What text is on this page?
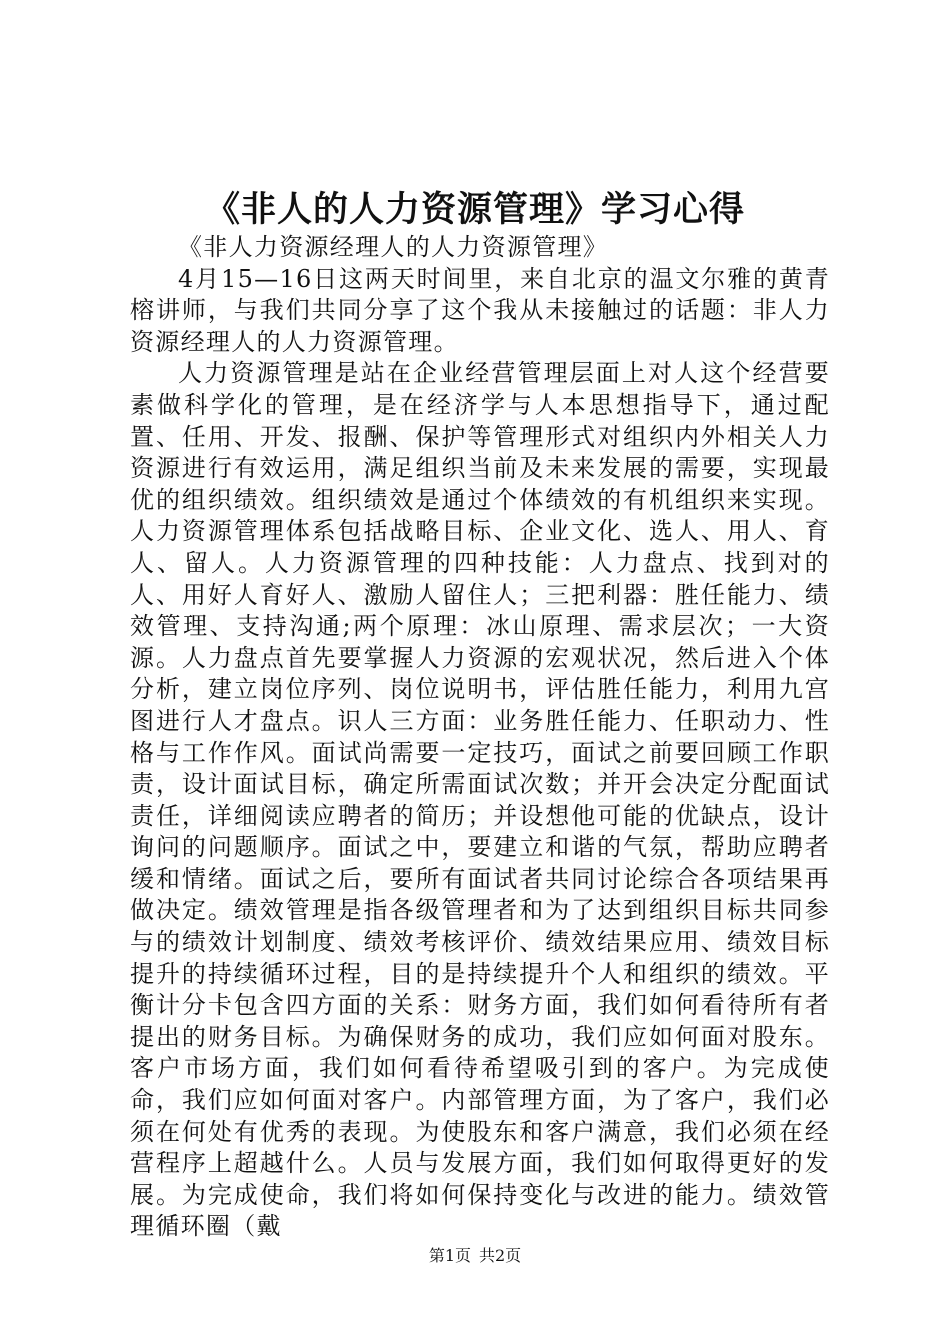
《非人的人力资源管理》学习心得

《非人力资源经理人的人力资源管理》

4月15—16日这两天时间里，来自北京的温文尔雅的黄青榕讲师，与我们共同分享了这个我从未接触过的话题：非人力资源经理人的人力资源管理。

人力资源管理是站在企业经营管理层面上对人这个经营要素做科学化的管理，是在经济学与人本思想指导下，通过配置、任用、开发、报酬、保护等管理形式对组织内外相关人力资源进行有效运用，满足组织当前及未来发展的需要，实现最优的组织绩效。组织绩效是通过个体绩效的有机组织来实现。人力资源管理体系包括战略目标、企业文化、选人、用人、育人、留人。人力资源管理的四种技能：人力盘点、找到对的人、用好人育好人、激励人留住人；三把利器：胜任能力、绩效管理、支持沟通;两个原理：冰山原理、需求层次；一大资源。人力盘点首先要掌握人力资源的宏观状况，然后进入个体分析，建立岗位序列、岗位说明书，评估胜任能力，利用九宫图进行人才盘点。识人三方面：业务胜任能力、任职动力、性格与工作作风。面试尚需要一定技巧，面试之前要回顾工作职责，设计面试目标，确定所需面试次数；并开会决定分配面试责任，详细阅读应聘者的简历；并设想他可能的优缺点，设计询问的问题顺序。面试之中，要建立和谐的气氛，帮助应聘者缓和情绪。面试之后，要所有面试者共同讨论综合各项结果再做决定。绩效管理是指各级管理者和为了达到组织目标共同参与的绩效计划制度、绩效考核评价、绩效结果应用、绩效目标提升的持续循环过程，目的是持续提升个人和组织的绩效。平衡计分卡包含四方面的关系：财务方面，我们如何看待所有者提出的财务目标。为确保财务的成功，我们应如何面对股东。客户市场方面，我们如何看待希望吸引到的客户。为完成使命，我们应如何面对客户。内部管理方面，为了客户，我们必须在何处有优秀的表现。为使股东和客户满意，我们必须在经营程序上超越什么。人员与发展方面，我们如何取得更好的发展。为完成使命，我们将如何保持变化与改进的能力。绩效管理循环圈（戴

第1页 共2页
